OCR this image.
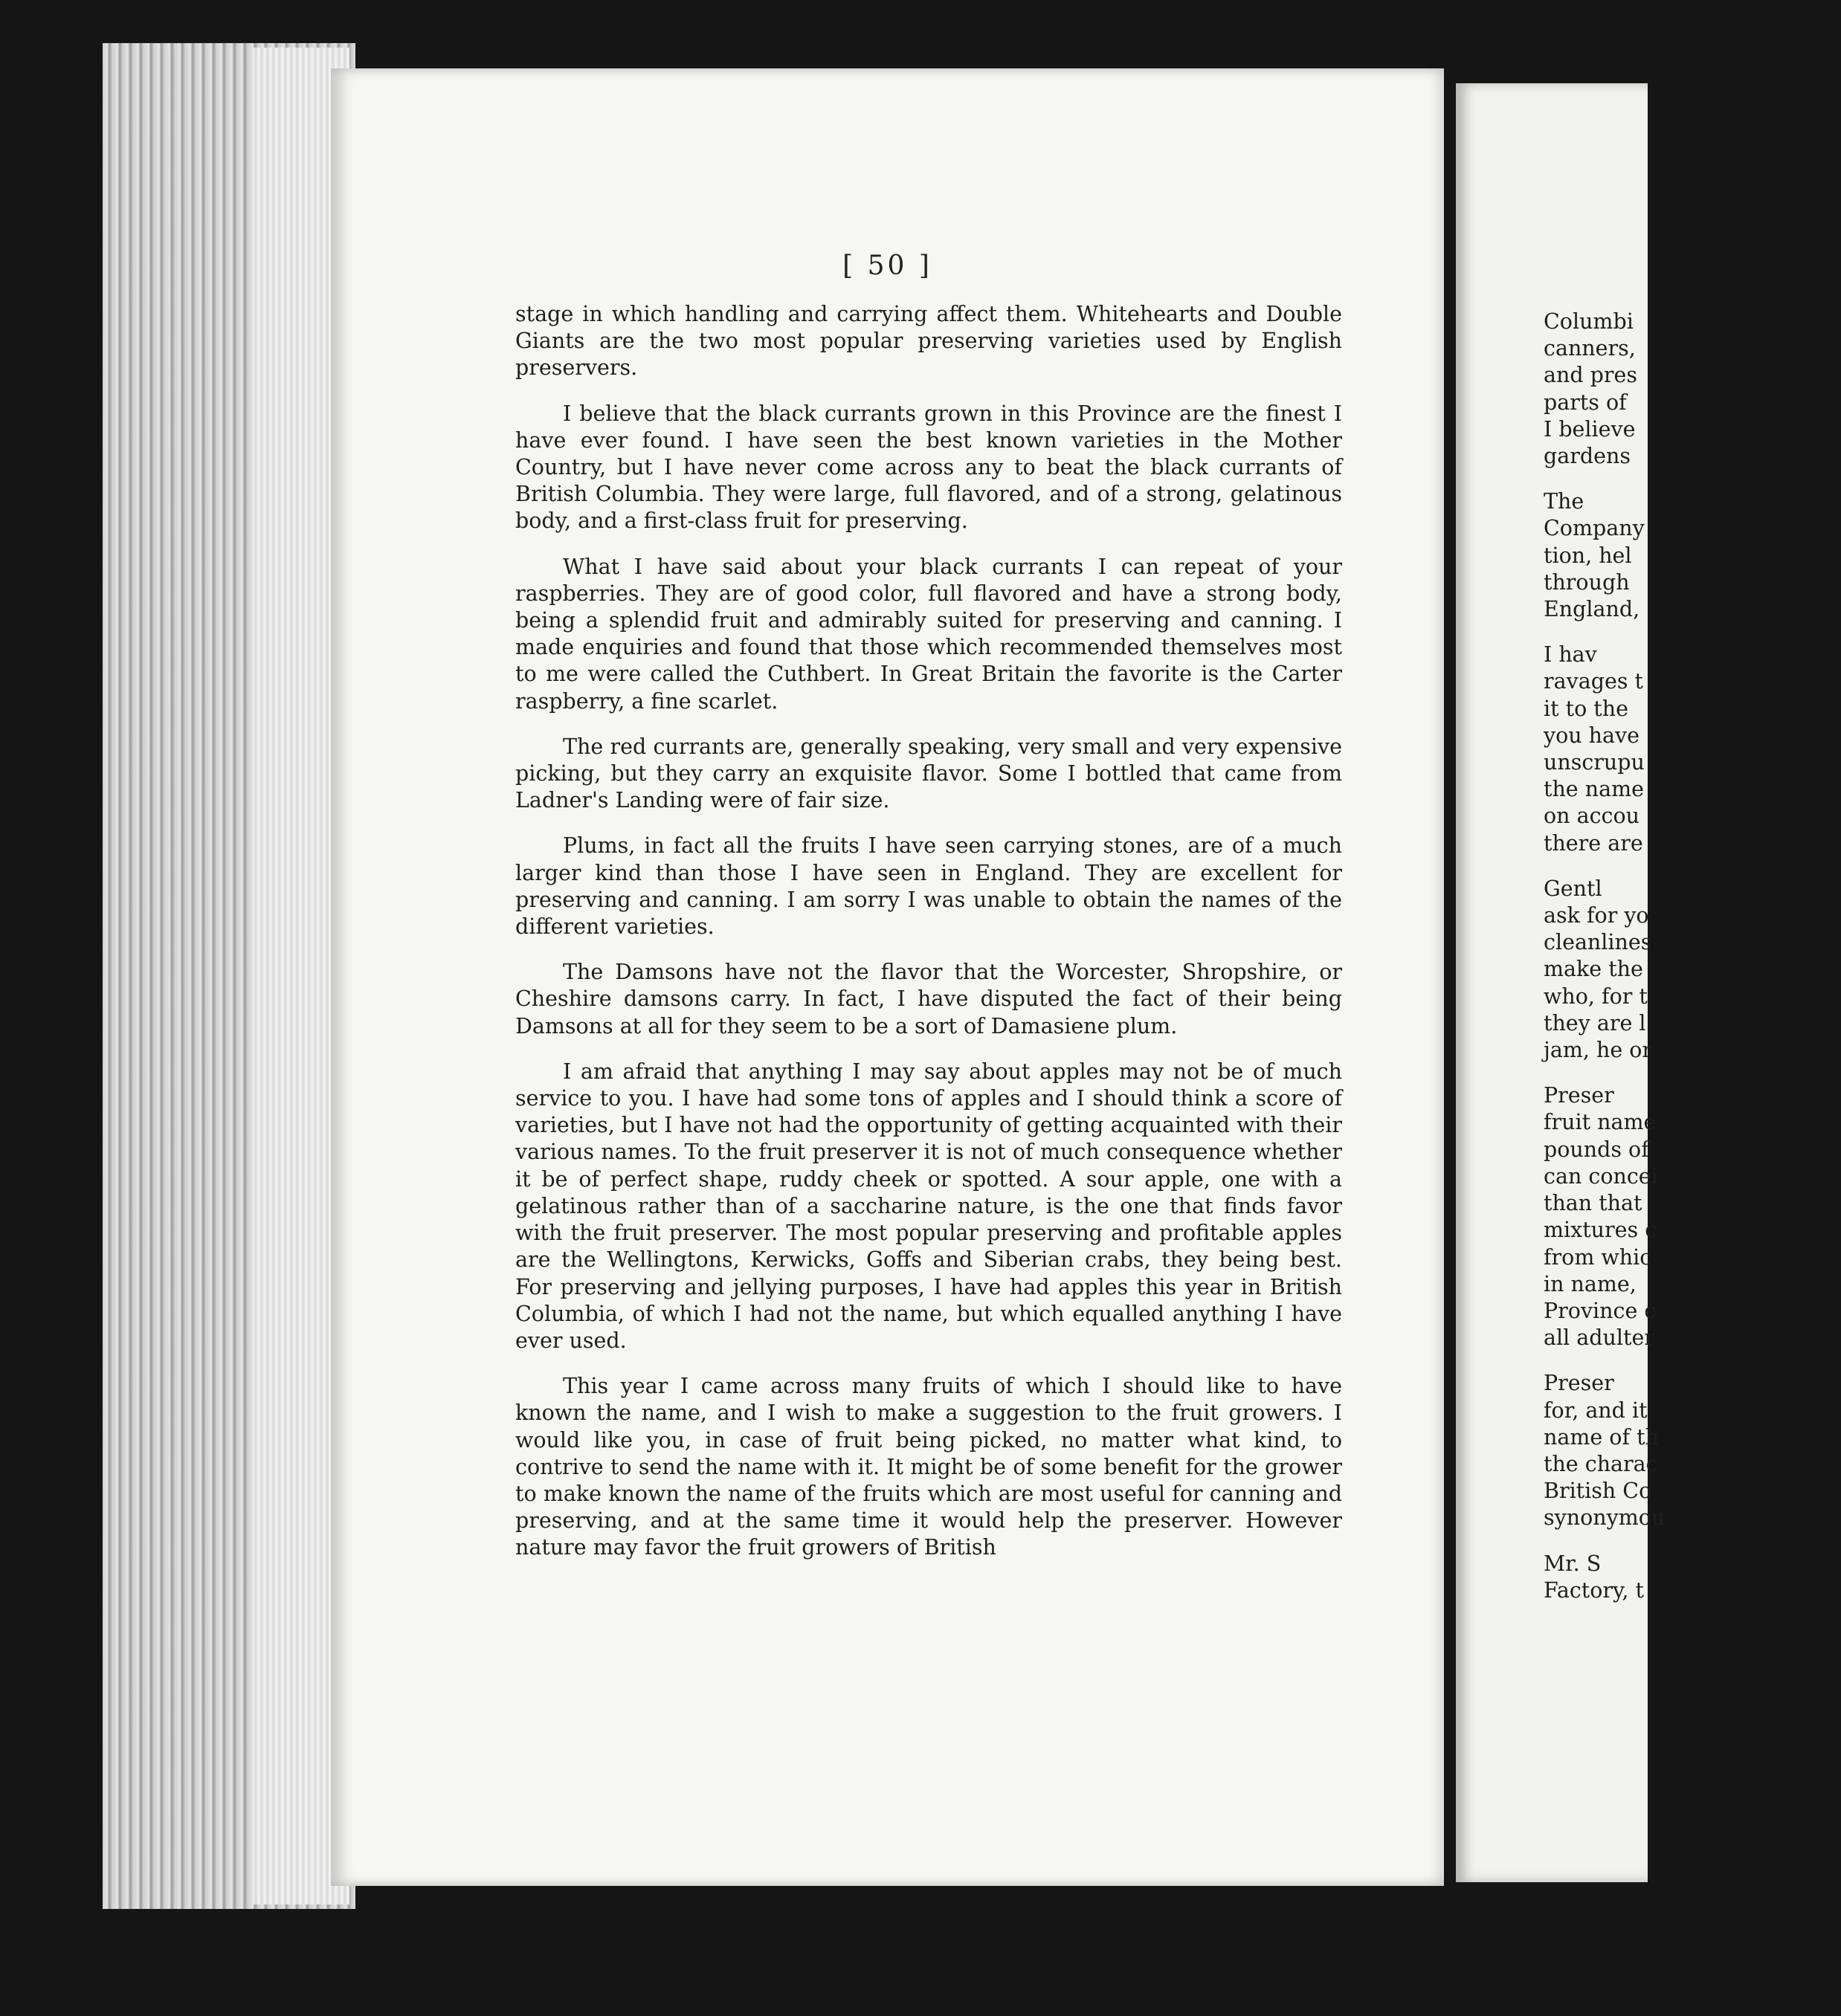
[ 50 ]

stage in which handling and carrying affect them. Whitehearts and Double Giants are the two most popular preserving varieties used by English preservers.

I believe that the black currants grown in this Province are the finest I have ever found. I have seen the best known varieties in the Mother Country, but I have never come across any to beat the black currants of British Columbia. They were large, full flavored, and of a strong, gelatinous body, and a first-class fruit for preserving.

What I have said about your black currants I can repeat of your raspberries. They are of good color, full flavored and have a strong body, being a splendid fruit and admirably suited for preserving and canning. I made enquiries and found that those which recommended themselves most to me were called the Cuthbert. In Great Britain the favorite is the Carter raspberry, a fine scarlet.

The red currants are, generally speaking, very small and very expensive picking, but they carry an exquisite flavor. Some I bottled that came from Ladner's Landing were of fair size.

Plums, in fact all the fruits I have seen carrying stones, are of a much larger kind than those I have seen in England. They are excellent for preserving and canning. I am sorry I was unable to obtain the names of the different varieties.

The Damsons have not the flavor that the Worcester, Shropshire, or Cheshire damsons carry. In fact, I have disputed the fact of their being Damsons at all for they seem to be a sort of Damasiene plum.

I am afraid that anything I may say about apples may not be of much service to you. I have had some tons of apples and I should think a score of varieties, but I have not had the opportunity of getting acquainted with their various names. To the fruit preserver it is not of much consequence whether it be of perfect shape, ruddy cheek or spotted. A sour apple, one with a gelatinous rather than of a saccharine nature, is the one that finds favor with the fruit preserver. The most popular preserving and profitable apples are the Wellingtons, Kerwicks, Goffs and Siberian crabs, they being best. For preserving and jellying purposes, I have had apples this year in British Columbia, of which I had not the name, but which equalled anything I have ever used.

This year I came across many fruits of which I should like to have known the name, and I wish to make a suggestion to the fruit growers. I would like you, in case of fruit being picked, no matter what kind, to contrive to send the name with it. It might be of some benefit for the grower to make known the name of the fruits which are most useful for canning and preserving, and at the same time it would help the preserver. However nature may favor the fruit growers of British

Columbi
canners,
and pres
parts of
I believe
gardens
The
Company
tion, hel
through
England,
I hav
ravages t
it to the
you have
unscrupu
the name
on accou
there are
Gentl
ask for yo
cleanlines
make the
who, for t
they are l
jam, he or
Preser
fruit name
pounds of
can concei
than that
mixtures c
from whic
in name,
Province c
all adulter
Preser
for, and it
name of th
the charac
British Co
synonymou
Mr. S
Factory, t
